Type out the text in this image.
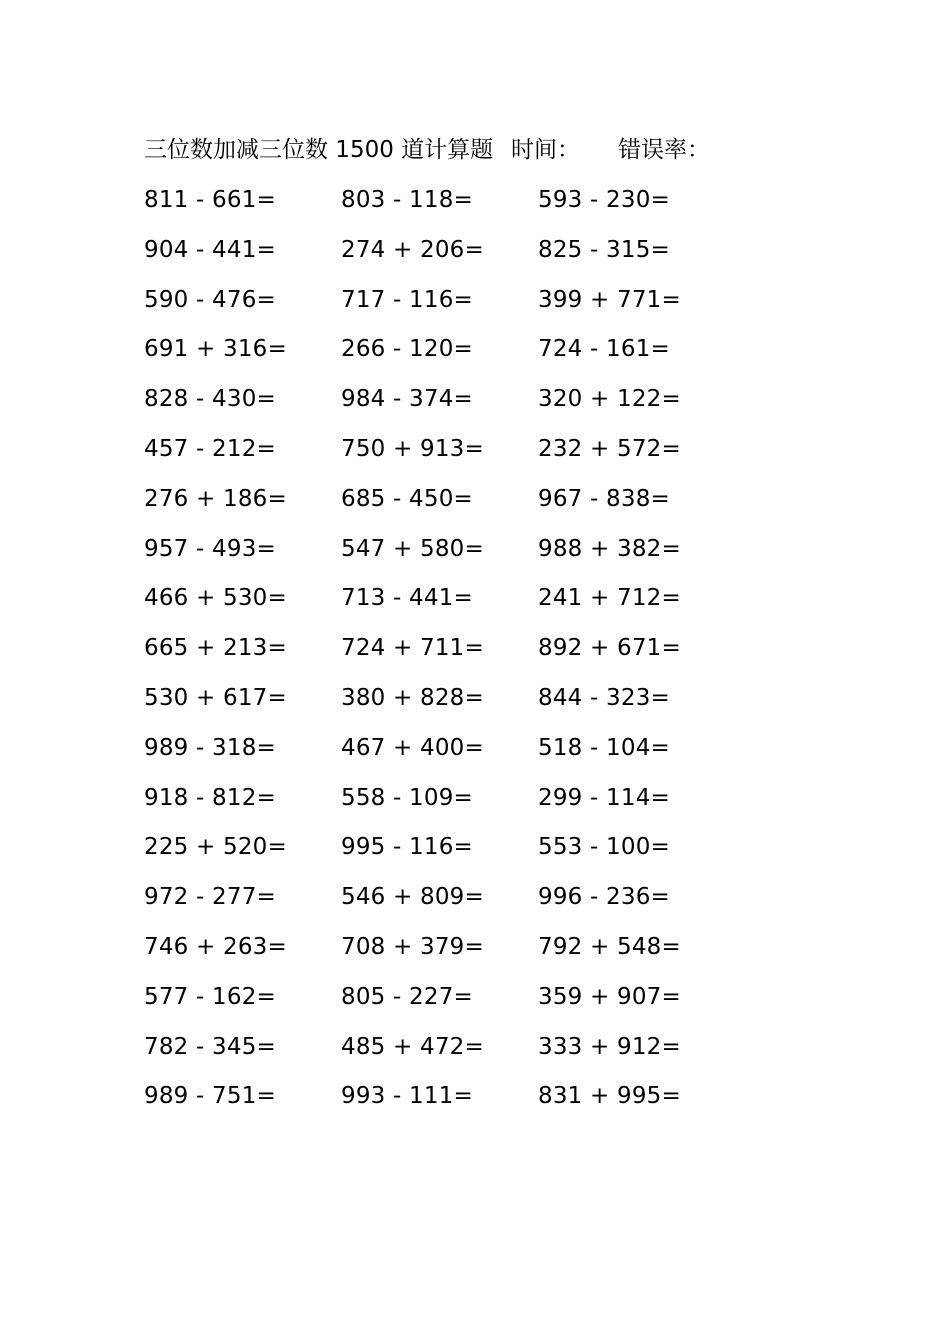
三位数加减三位数 1500 道计算题 时间： 错误率：
811 - 661=	803 - 118=	593 - 230=
904 - 441=	274 + 206= 825 - 315=
590 - 476=	717 - 116=	399 + 771=
691 + 316= 266 - 120=	724 - 161=
828 - 430=	984 - 374=	320 + 122=
457 - 212=	750 + 913= 232 + 572=
276 + 186= 685 - 450=	967 - 838=
957 - 493=	547 + 580= 988 + 382=
466 + 530= 713 - 441=	241 + 712=
665 + 213= 724 + 711= 892 + 671=
530 + 617= 380 + 828= 844 - 323=
989 - 318=	467 + 400= 518 - 104=
918 - 812=	558 - 109=	299 - 114=
225 + 520= 995 - 116=	553 - 100=
972 - 277=	546 + 809= 996 - 236=
746 + 263= 708 + 379= 792 + 548=
577 - 162=	805 - 227=	359 + 907=
782 - 345=	485 + 472= 333 + 912=
989 - 751=	993 - 111=	831 + 995=
